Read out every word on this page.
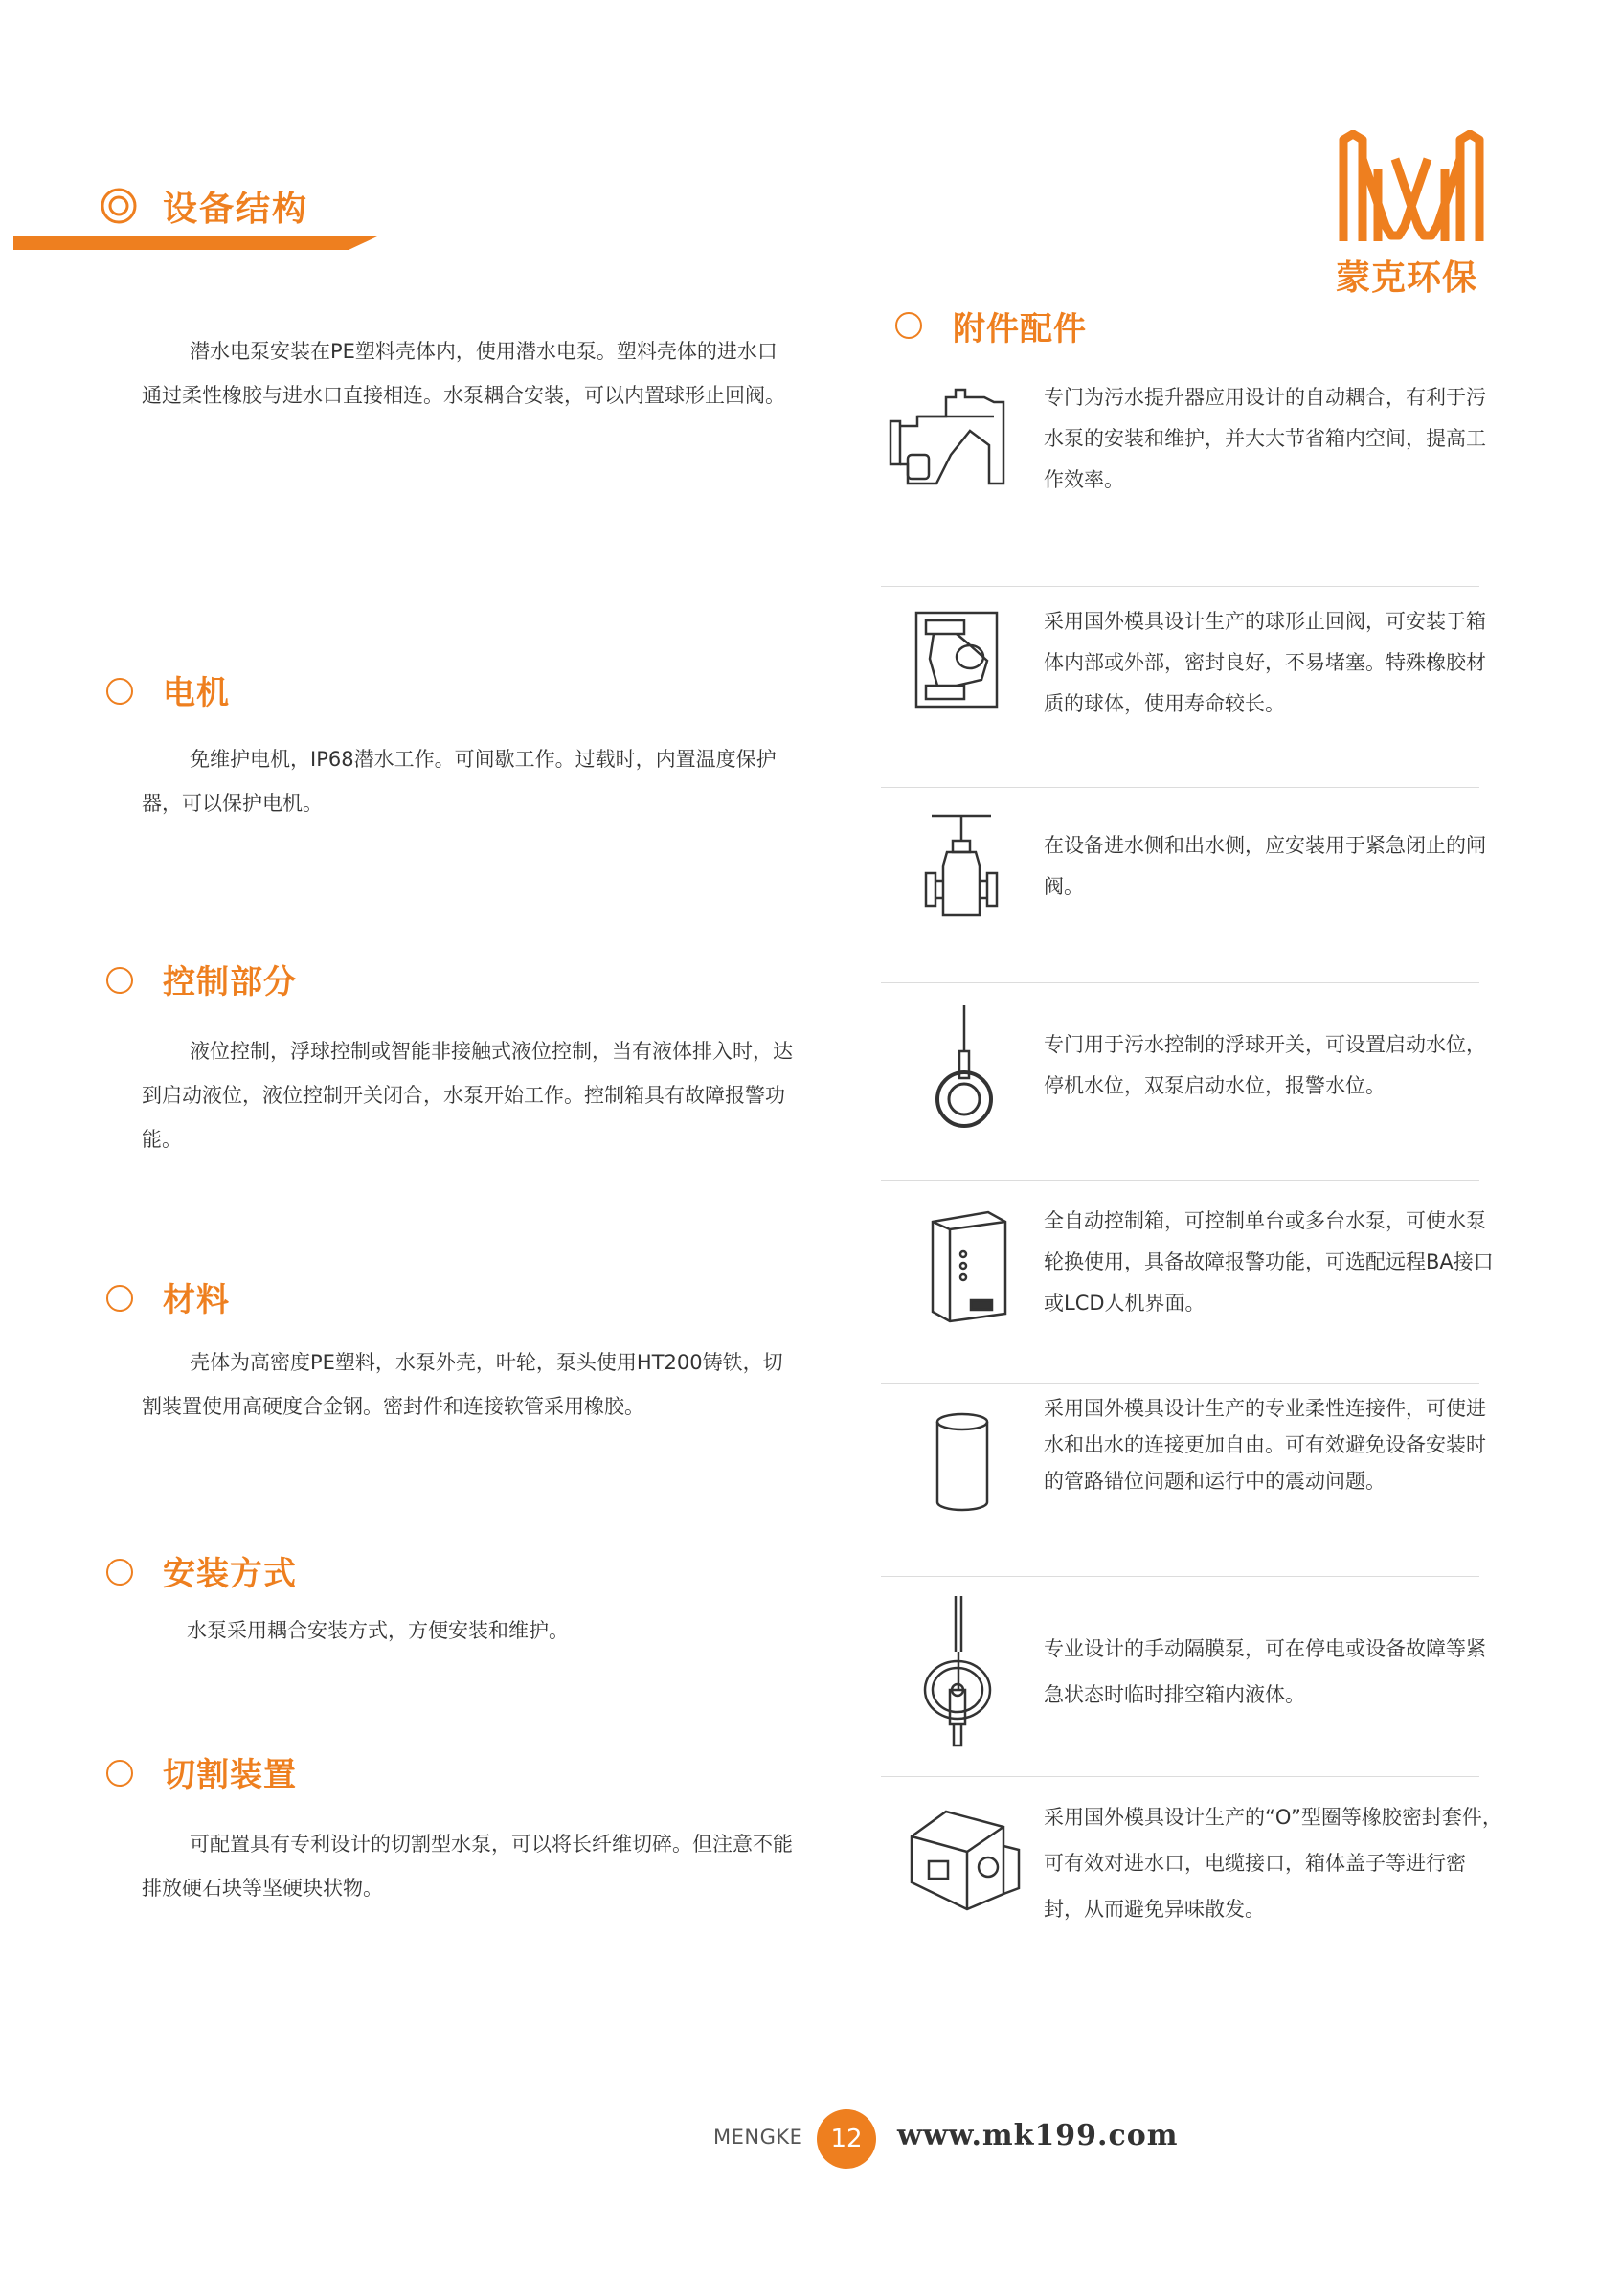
设备结构
蒙克环保
潜水电泵安装在PE塑料壳体内，使用潜水电泵。塑料壳体的进水口通过柔性橡胶与进水口直接相连。水泵耦合安装，可以内置球形止回阀。
电机
免维护电机，IP68潜水工作。可间歇工作。过载时，内置温度保护器，可以保护电机。
控制部分
液位控制，浮球控制或智能非接触式液位控制，当有液体排入时，达到启动液位，液位控制开关闭合，水泵开始工作。控制箱具有故障报警功能。
材料
壳体为高密度PE塑料，水泵外壳，叶轮，泵头使用HT200铸铁，切割装置使用高硬度合金钢。密封件和连接软管采用橡胶。
安装方式
水泵采用耦合安装方式，方便安装和维护。
切割装置
可配置具有专利设计的切割型水泵，可以将长纤维切碎。但注意不能排放硬石块等坚硬块状物。
附件配件
专门为污水提升器应用设计的自动耦合，有利于污水泵的安装和维护，并大大节省箱内空间，提高工作效率。
采用国外模具设计生产的球形止回阀，可安装于箱体内部或外部，密封良好，不易堵塞。特殊橡胶材质的球体，使用寿命较长。
在设备进水侧和出水侧，应安装用于紧急闭止的闸阀。
专门用于污水控制的浮球开关，可设置启动水位，停机水位，双泵启动水位，报警水位。
全自动控制箱，可控制单台或多台水泵，可使水泵轮换使用，具备故障报警功能，可选配远程BA接口或LCD人机界面。
采用国外模具设计生产的专业柔性连接件，可使进水和出水的连接更加自由。可有效避免设备安装时的管路错位问题和运行中的震动问题。
专业设计的手动隔膜泵，可在停电或设备故障等紧急状态时临时排空箱内液体。
采用国外模具设计生产的“O”型圈等橡胶密封套件，可有效对进水口，电缆接口，箱体盖子等进行密封，从而避免异味散发。
MENGKE	12	www.mk199.com
